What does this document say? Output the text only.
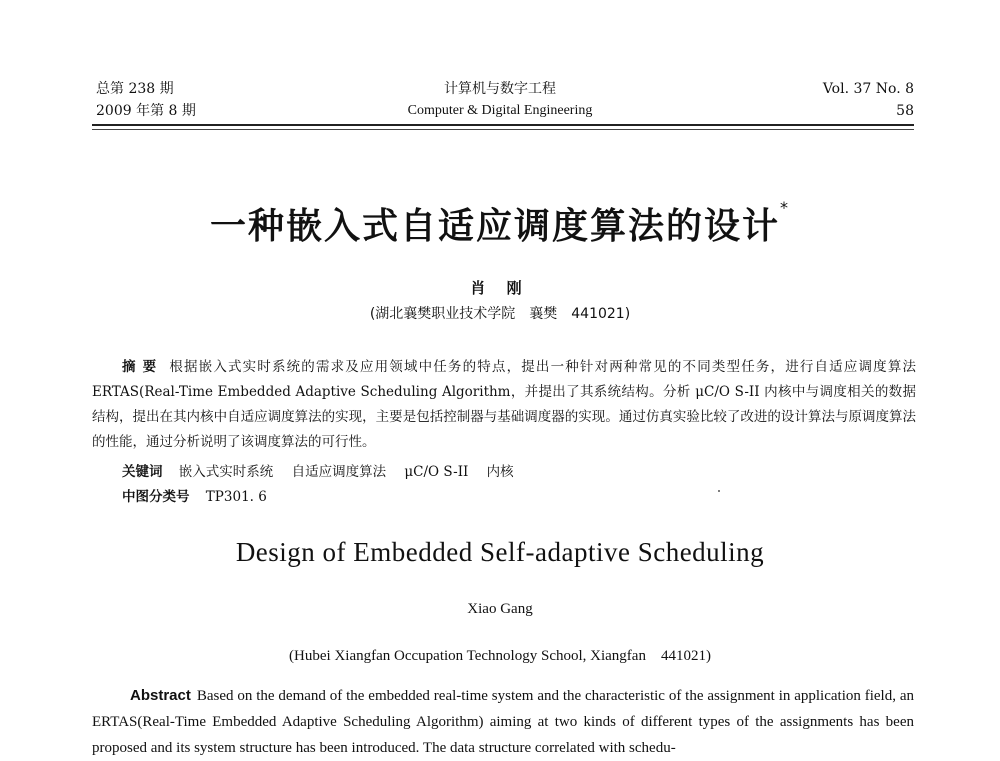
总第 238 期
2009 年第 8 期
计算机与数字工程
Computer & Digital Engineering
Vol. 37 No. 8
58
一种嵌入式自适应调度算法的设计*
肖 刚
(湖北襄樊职业技术学院　襄樊　441021)
摘要 根据嵌入式实时系统的需求及应用领域中任务的特点，提出一种针对两种常见的不同类型任务，进行自适应调度算法 ERTAS(Real-Time Embedded Adaptive Scheduling Algorithm，并提出了其系统结构。分析 μC/O S-II 内核中与调度相关的数据结构，提出在其内核中自适应调度算法的实现，主要是包括控制器与基础调度器的实现。通过仿真实验比较了改进的设计算法与原调度算法的性能，通过分析说明了该调度算法的可行性。
关键词 嵌入式实时系统 自适应调度算法 μC/O S-II 内核
中图分类号 TP301. 6
Design of Embedded Self-adaptive Scheduling
Xiao Gang
(Hubei Xiangfan Occupation Technology School, Xiangfan　441021)
Abstract Based on the demand of the embedded real-time system and the characteristic of the assignment in application field, an ERTAS(Real-Time Embedded Adaptive Scheduling Algorithm) aiming at two kinds of different types of the assignments has been proposed and its system structure has been introduced. The data structure correlated with schedu-
